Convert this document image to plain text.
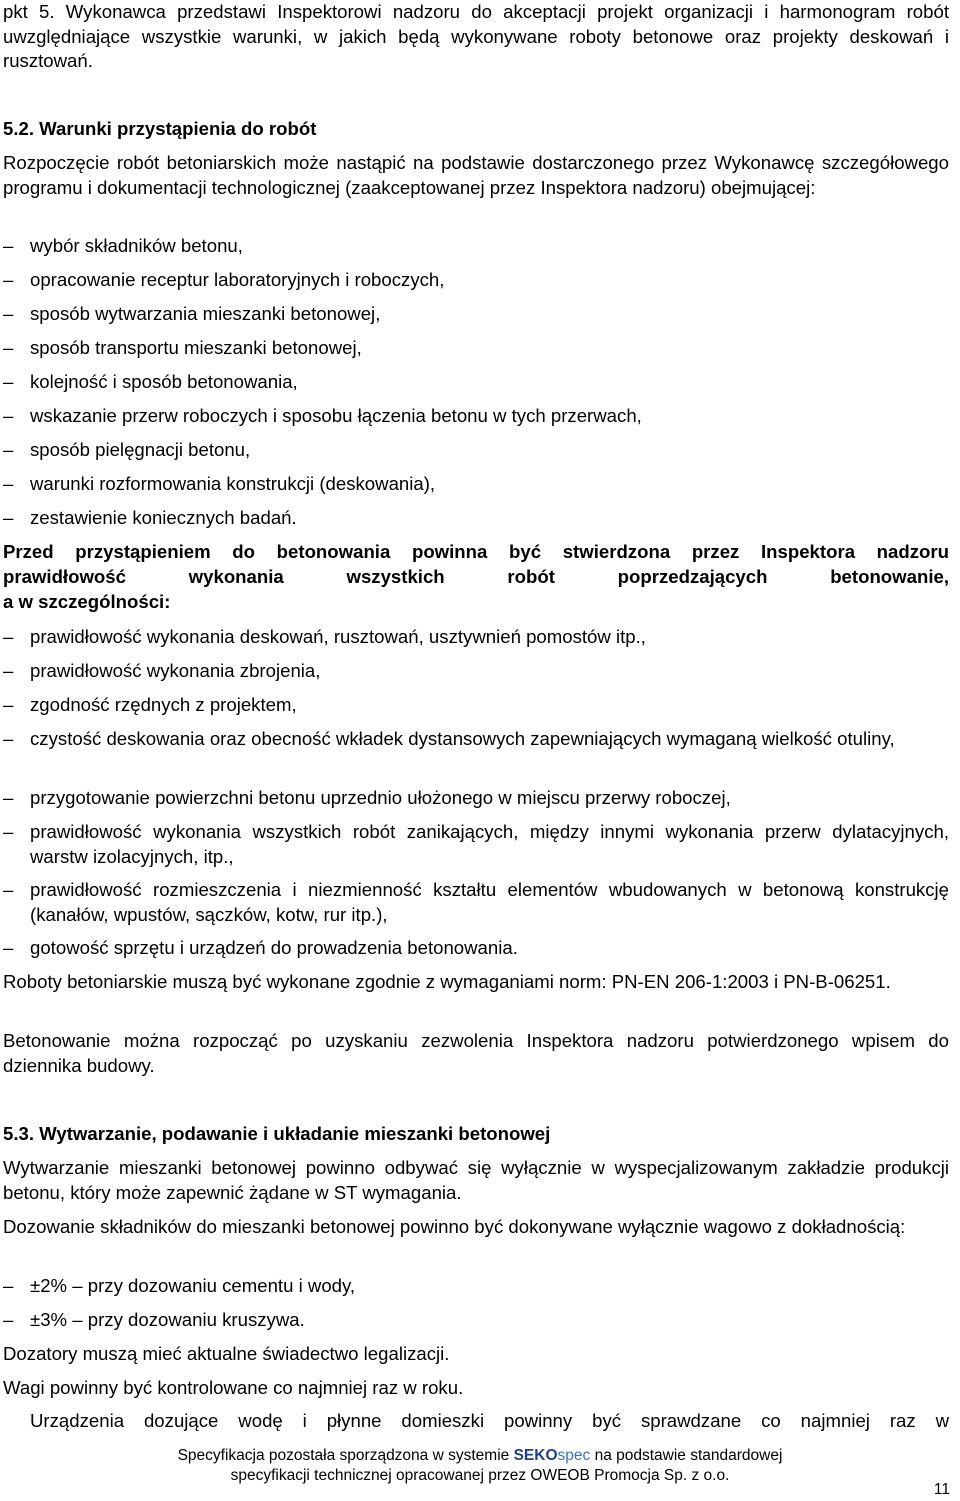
pkt 5. Wykonawca przedstawi Inspektorowi nadzoru do akceptacji projekt organizacji i harmonogram robót uwzględniające wszystkie warunki, w jakich będą wykonywane roboty betonowe oraz projekty deskowań i rusztowań.

5.2. Warunki przystąpienia do robót

Rozpoczęcie robót betoniarskich może nastąpić na podstawie dostarczonego przez Wykonawcę szczegółowego programu i dokumentacji technologicznej (zaakceptowanej przez Inspektora nadzoru) obejmującej:

– wybór składników betonu,
– opracowanie receptur laboratoryjnych i roboczych,
– sposób wytwarzania mieszanki betonowej,
– sposób transportu mieszanki betonowej,
– kolejność i sposób betonowania,
– wskazanie przerw roboczych i sposobu łączenia betonu w tych przerwach,
– sposób pielęgnacji betonu,
– warunki rozformowania konstrukcji (deskowania),
– zestawienie koniecznych badań.

Przed przystąpieniem do betonowania powinna być stwierdzona przez Inspektora nadzoru

prawidłowość wykonania wszystkich robót poprzedzających betonowanie,

a w szczególności:

– prawidłowość wykonania deskowań, rusztowań, usztywnień pomostów itp.,
– prawidłowość wykonania zbrojenia,
– zgodność rzędnych z projektem,
– czystość deskowania oraz obecność wkładek dystansowych zapewniających wymaganą wielkość otuliny,
– przygotowanie powierzchni betonu uprzednio ułożonego w miejscu przerwy roboczej,
– prawidłowość wykonania wszystkich robót zanikających, między innymi wykonania przerw dylatacyjnych, warstw izolacyjnych, itp.,
– prawidłowość rozmieszczenia i niezmienność kształtu elementów wbudowanych w betonową konstrukcję (kanałów, wpustów, sączków, kotw, rur itp.),
– gotowość sprzętu i urządzeń do prowadzenia betonowania.

Roboty betoniarskie muszą być wykonane zgodnie z wymaganiami norm: PN-EN 206-1:2003 i PN-B-06251.

Betonowanie można rozpocząć po uzyskaniu zezwolenia Inspektora nadzoru potwierdzonego wpisem do dziennika budowy.

5.3. Wytwarzanie, podawanie i układanie mieszanki betonowej

Wytwarzanie mieszanki betonowej powinno odbywać się wyłącznie w wyspecjalizowanym zakładzie produkcji betonu, który może zapewnić żądane w ST wymagania.

Dozowanie składników do mieszanki betonowej powinno być dokonywane wyłącznie wagowo z dokładnością:

– ±2% – przy dozowaniu cementu i wody,
– ±3% – przy dozowaniu kruszywa.

Dozatory muszą mieć aktualne świadectwo legalizacji.

Wagi powinny być kontrolowane co najmniej raz w roku.

Urządzenia dozujące wodę i płynne domieszki powinny być sprawdzane co najmniej raz w

Specyfikacja pozostała sporządzona w systemie SEKOspec na podstawie standardowej
specyfikacji technicznej opracowanej przez OWEOB Promocja Sp. z o.o.
11
